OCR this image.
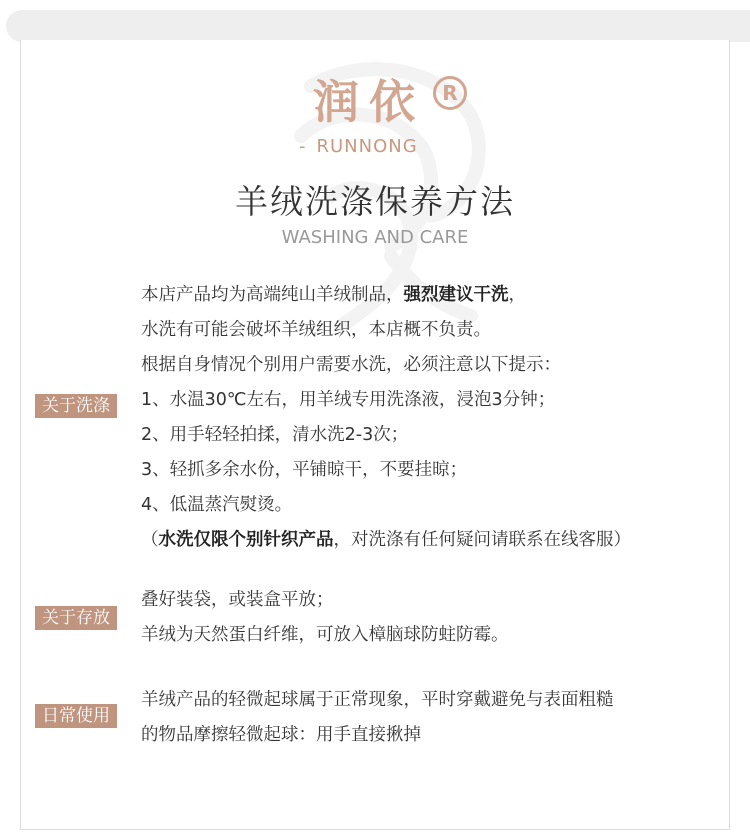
润依 R
- RUNNONG
羊绒洗涤保养方法
WASHING AND CARE
关于洗涤
本店产品均为高端纯山羊绒制品，强烈建议干洗，
水洗有可能会破坏羊绒组织，本店概不负责。
根据自身情况个别用户需要水洗，必须注意以下提示：
1、水温30℃左右，用羊绒专用洗涤液，浸泡3分钟；
2、用手轻轻拍揉，清水洗2-3次；
3、轻抓多余水份，平铺晾干，不要挂晾；
4、低温蒸汽熨烫。
（水洗仅限个别针织产品，对洗涤有任何疑问请联系在线客服）
关于存放
叠好装袋，或装盒平放；
羊绒为天然蛋白纤维，可放入樟脑球防蛀防霉。
日常使用
羊绒产品的轻微起球属于正常现象，平时穿戴避免与表面粗糙
的物品摩擦轻微起球：用手直接揪掉
